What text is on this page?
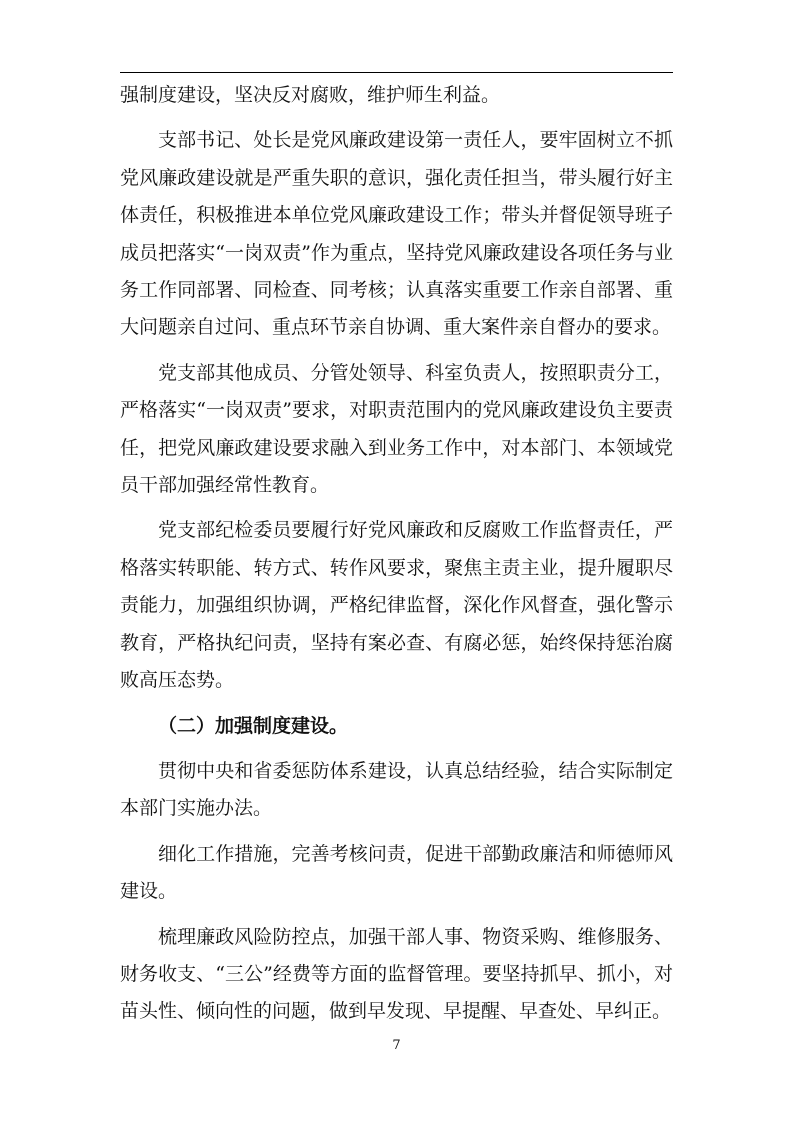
强制度建设，坚决反对腐败，维护师生利益。

支部书记、处长是党风廉政建设第一责任人，要牢固树立不抓党风廉政建设就是严重失职的意识，强化责任担当，带头履行好主体责任，积极推进本单位党风廉政建设工作；带头并督促领导班子成员把落实“一岗双责”作为重点，坚持党风廉政建设各项任务与业务工作同部署、同检查、同考核；认真落实重要工作亲自部署、重大问题亲自过问、重点环节亲自协调、重大案件亲自督办的要求。

党支部其他成员、分管处领导、科室负责人，按照职责分工，严格落实“一岗双责”要求，对职责范围内的党风廉政建设负主要责任，把党风廉政建设要求融入到业务工作中，对本部门、本领域党员干部加强经常性教育。

党支部纪检委员要履行好党风廉政和反腐败工作监督责任，严格落实转职能、转方式、转作风要求，聚焦主责主业，提升履职尽责能力，加强组织协调，严格纪律监督，深化作风督查，强化警示教育，严格执纪问责，坚持有案必查、有腐必惩，始终保持惩治腐败高压态势。

（二）加强制度建设。

贯彻中央和省委惩防体系建设，认真总结经验，结合实际制定本部门实施办法。

细化工作措施，完善考核问责，促进干部勤政廉洁和师德师风建设。

梳理廉政风险防控点，加强干部人事、物资采购、维修服务、财务收支、“三公”经费等方面的监督管理。要坚持抓早、抓小，对苗头性、倾向性的问题，做到早发现、早提醒、早查处、早纠正。

7
